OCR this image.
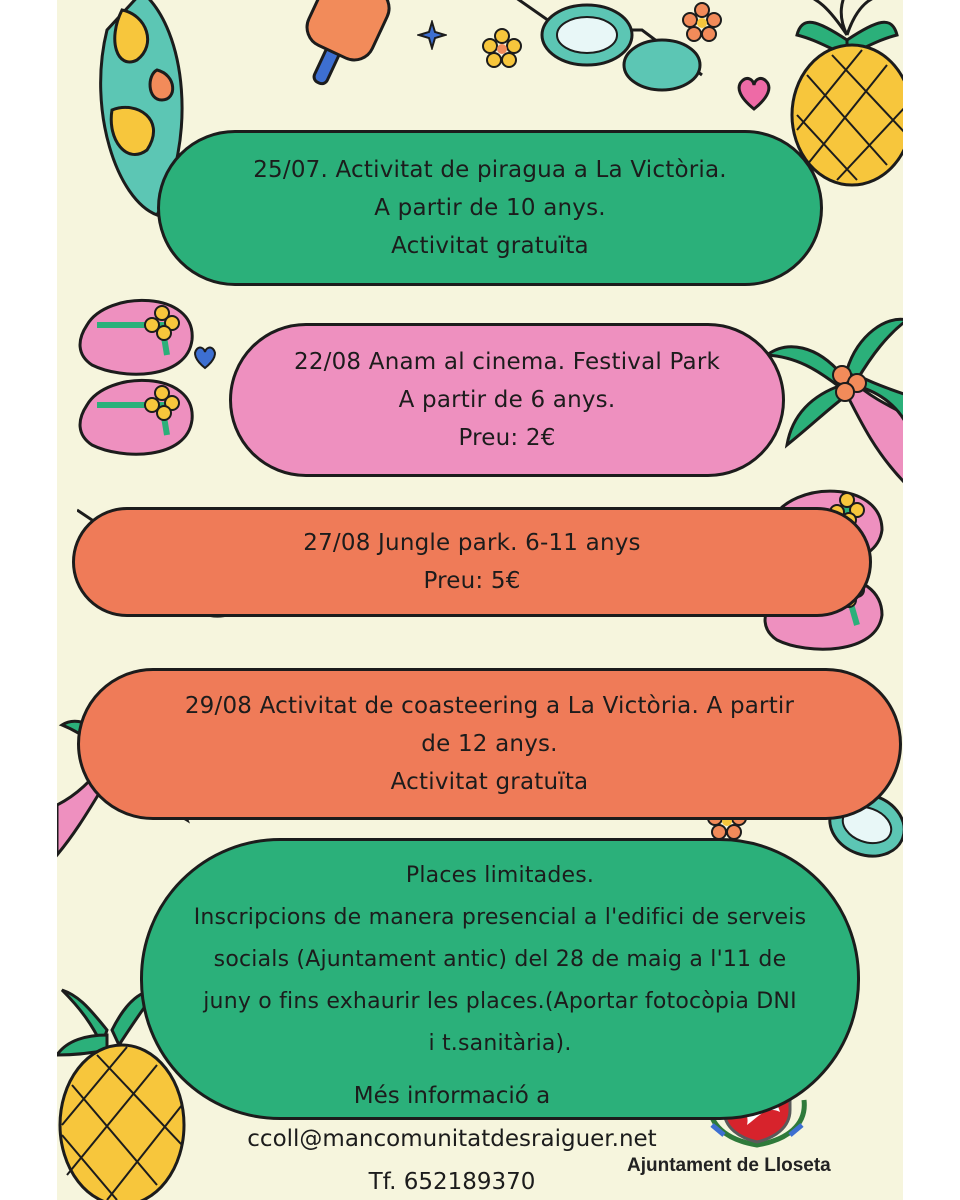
Ajuntament de Lloseta
25/07. Activitat de piragua a La Victòria.
A partir de 10 anys.
Activitat gratuïta
22/08 Anam al cinema. Festival Park
A partir de 6 anys.
Preu: 2€
27/08 Jungle park. 6-11 anys
Preu: 5€
29/08 Activitat de coasteering a La Victòria. A partir
de 12 anys.
Activitat gratuïta
Places limitades.
Inscripcions de manera presencial a l'edifici de serveis
socials (Ajuntament antic) del 28 de maig a l'11 de
juny o fins exhaurir les places.(Aportar fotocòpia DNI
i t.sanitària).
Més informació a
ccoll@mancomunitatdesraiguer.net
Tf. 652189370
